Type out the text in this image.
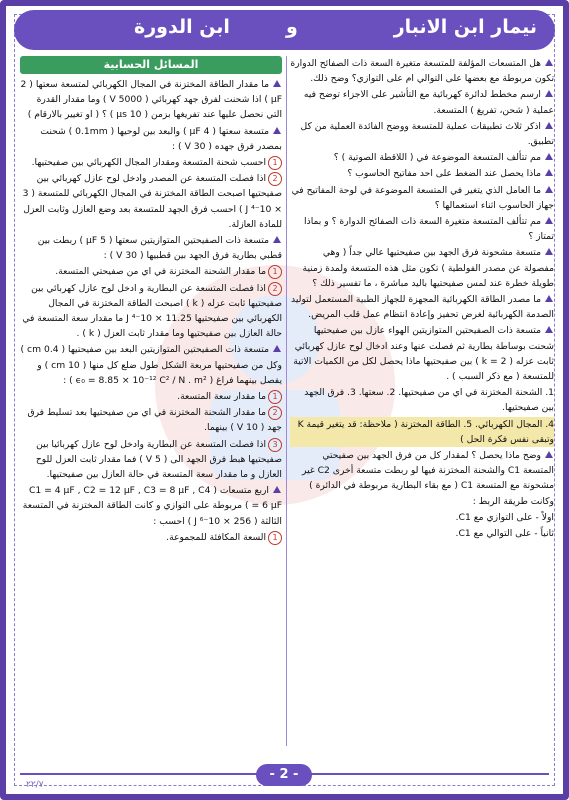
نيمار ابن الانبار
و
ابن الدورة
هل المتسعات المؤلفة للمتسعة متغيرة السعة ذات الصفائح الدوارة تكون مربوطة مع بعضها على التوالي ام على التوازي؟ وضح ذلك.
ارسم مخطط لدائرة كهربائية مع التأشير على الاجزاء توضح فيه عملية ( شحن، تفريغ ) المتسعة.
اذكر ثلاث تطبيقات عملية للمتسعة ووضح الفائدة العملية من كل تطبيق.
مم تتألف المتسعة الموضوعة في ( اللاقطة الصوتية ) ؟
ماذا يحصل عند الضغط على احد مفاتيح الحاسوب ؟
ما العامل الذي يتغير في المتسعة الموضوعة في لوحة المفاتيح في جهاز الحاسوب اثناء استعمالها ؟
مم تتألف المتسعة متغيرة السعة ذات الصفائح الدوارة ؟ و بماذا تمتاز ؟
متسعة مشحونة فرق الجهد بين صفيحتيها عالي جداً ( وهي مفصولة عن مصدر الفولطية ) تكون مثل هذه المتسعة ولمدة زمنية طويلة خطرة عند لمس صفيحتيها باليد مباشرة ، ما تفسير ذلك ؟
ما مصدر الطاقة الكهربائية المجهزة للجهاز الطبية المستعمل لتوليد الصدمة الكهربائية لغرض تحفيز وإعادة انتظام عمل قلب المريض.
متسعة ذات الصفيحتين المتوازيتين الهواء عازل بين صفيحتيها شحنت بوساطة بطارية ثم فصلت عنها وعند ادخال لوح عازل كهربائي ثابت عزله ( k = 2 ) بين صفيحتيها ماذا يحصل لكل من الكميات الاتية للمتسعة ( مع ذكر السبب ) .
1. الشحنة المختزنة في اي من صفيحتيها. 2. سعتها. 3. فرق الجهد بين صفيحتيها.
4. المجال الكهربائي. 5. الطاقة المختزنة ( ملاحظة: قد يتغير قيمة K وتبقى نفس فكرة الحل )
وضح ماذا يحصل ؟ لمقدار كل من فرق الجهد بين صفيحتي المتسعة C1 والشحنة المختزنة فيها لو ربطت متسعة أخرى C2 غير مشحونة مع المتسعة C1 ( مع بقاء البطارية مربوطة في الدائرة ) وكانت طريقة الربط :
اولاً - على التوازي مع C1.
ثانياً - على التوالي مع C1.
المسائل الحسابية
ما مقدار الطاقة المختزنة في المجال الكهربائي لمتسعة سعتها ( 2 μF ) اذا شحنت لفرق جهد كهربائي ( 5000 V ) وما مقدار القدرة التي نحصل عليها عند تفريغها بزمن ( 10 μs ) ؟ ( او تغيير بالارقام )
متسعة سعتها ( 4 μF ) والبعد بين لوحيها ( 0.1mm ) شحنت بمصدر فرق جهده ( 30 V ) :
1احسب شحنة المتسعة ومقدار المجال الكهربائي بين صفيحتيها.
2اذا فصلت المتسعة عن المصدر وادخل لوح عازل كهربائي بين صفيحتيها اصبحت الطاقة المختزنة في المجال الكهربائي للمتسعة ( 3 × 10⁻⁴ J ) احسب فرق الجهد للمتسعة بعد وضع العازل وثابت العزل للمادة العازلة.
متسعة ذات الصفيحتين المتوازيتين سعتها ( 5 μF ) ربطت بين قطبي بطارية فرق الجهد بين قطبيها ( 30 V ) :
1ما مقدار الشحنة المختزنة في اي من صفيحتي المتسعة.
2اذا فصلت المتسعة عن البطارية و ادخل لوح عازل كهربائي بين صفيحتيها ثابت عزله ( k ) اصبحت الطاقة المختزنة في المجال الكهربائي بين صفيحتيها 11.25 × 10⁻⁴ J ما مقدار سعة المتسعة في حالة العازل بين صفيحتيها وما مقدار ثابت العزل ( k ) .
متسعة ذات الصفيحتين المتوازيتين البعد بين صفيحتيها ( 0.4 cm ) وكل من صفيحتيها مربعة الشكل طول ضلع كل منها ( 10 cm ) و يفصل بينهما فراغ ( ϵ₀ = 8.85 × 10⁻¹² C² / N . m² ) :
1ما مقدار سعة المتسعة.
2ما مقدار الشحنة المختزنة في اي من صفيحتيها بعد تسليط فرق جهد ( 10 V ) بينهما.
3اذا فصلت المتسعة عن البطارية وادخل لوح عازل كهربائيا بين صفيحتيها هبط فرق الجهد الى ( 5 V ) فما مقدار ثابت العزل للوح العازل و ما مقدار سعة المتسعة في حالة العازل بين صفيحتيها.
اربع متسعات ( C1 = 4 μF , C2 = 12 μF , C3 = 8 μF , C4 = 6 μF ) مربوطة على التوازي و كانت الطاقة المختزنة في المتسعة الثالثة ( 256 × 10⁻⁶ J ) احسب :
1السعة المكافئة للمجموعة.
- 2 -
٢٢/٧
